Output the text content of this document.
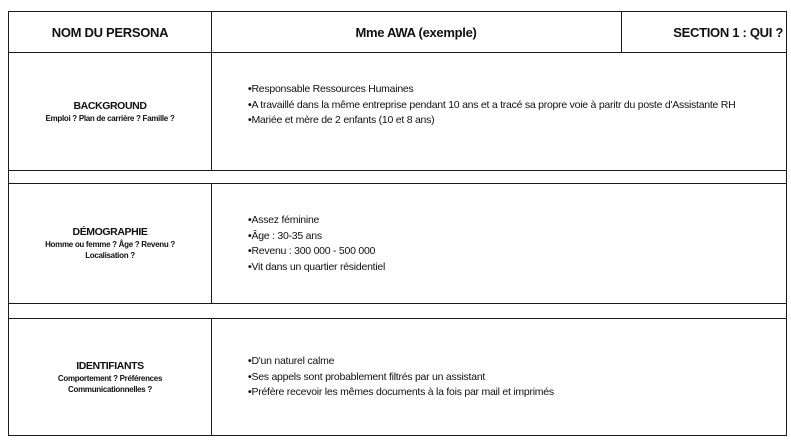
NOM DU PERSONA	Mme AWA (exemple)	SECTION 1 : QUI ?
BACKGROUND
Emploi ? Plan de carrière ? Famille ?
• Responsable Ressources Humaines
• A travaillé dans la même entreprise pendant 10 ans et a tracé sa propre voie à paritr du poste d'Assistante RH
• Mariée et mère de 2 enfants (10 et 8 ans)
DÉMOGRAPHIE
Homme ou femme ? Âge ? Revenu ? Localisation ?
• Assez féminine
• Âge : 30-35 ans
• Revenu : 300 000 - 500 000
• Vit dans un quartier résidentiel
IDENTIFIANTS
Comportement ? Préférences Communicationnelles ?
• D'un naturel calme
• Ses appels sont probablement filtrés par un assistant
• Préfère recevoir les mêmes documents à la fois par mail et imprimés
